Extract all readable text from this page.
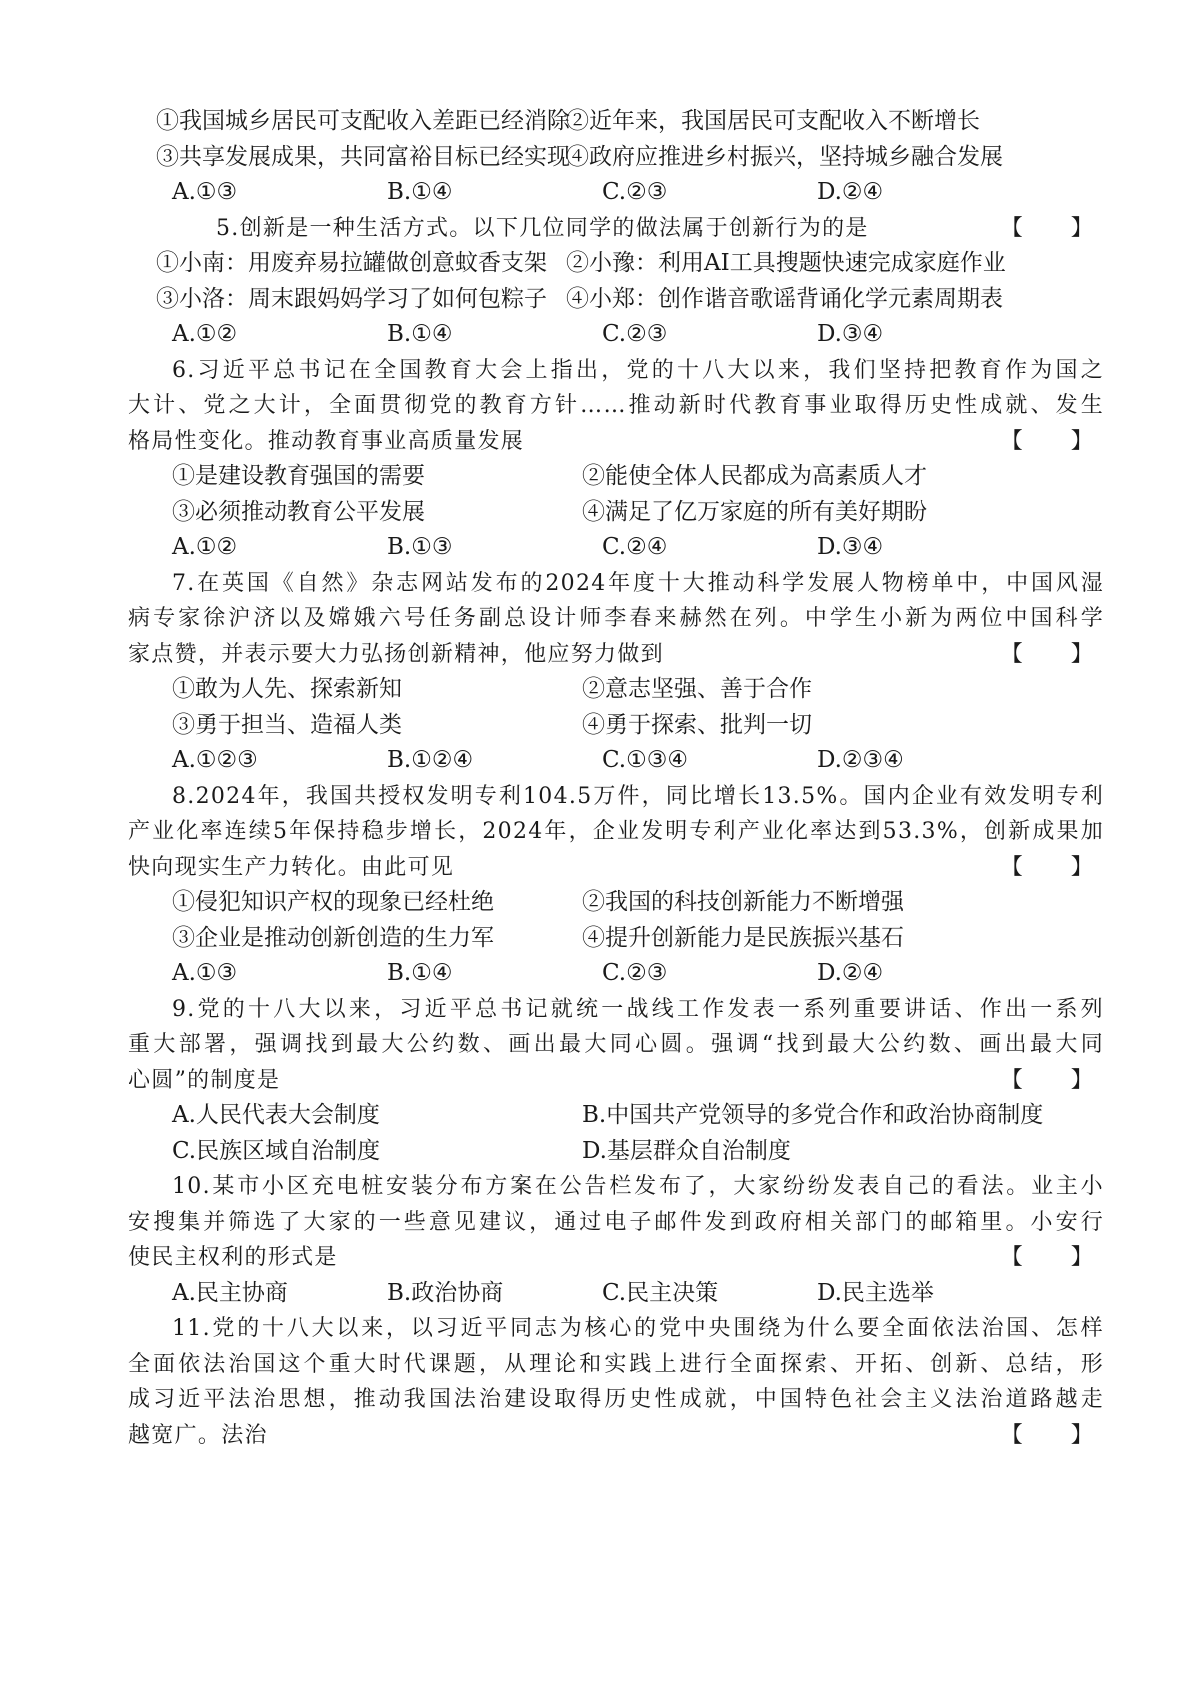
①我国城乡居民可支配收入差距已经消除
②近年来，我国居民可支配收入不断增长
③共享发展成果，共同富裕目标已经实现
④政府应推进乡村振兴，坚持城乡融合发展
A.①③	B.①④	C.②③	D.②④
5.创新是一种生活方式。以下几位同学的做法属于创新行为的是	【　　】
①小南：用废弃易拉罐做创意蚊香支架 ②小豫：利用AI工具搜题快速完成家庭作业
③小洛：周末跟妈妈学习了如何包粽子 ④小郑：创作谐音歌谣背诵化学元素周期表
A.①②	B.①④	C.②③	D.③④
6.习近平总书记在全国教育大会上指出，党的十八大以来，我们坚持把教育作为国之
大计、党之大计，全面贯彻党的教育方针……推动新时代教育事业取得历史性成就、发生
格局性变化。推动教育事业高质量发展	【　　】
①是建设教育强国的需要	②能使全体人民都成为高素质人才
③必须推动教育公平发展	④满足了亿万家庭的所有美好期盼
A.①②	B.①③	C.②④	D.③④
7.在英国《自然》杂志网站发布的2024年度十大推动科学发展人物榜单中，中国风湿
病专家徐沪济以及嫦娥六号任务副总设计师李春来赫然在列。中学生小新为两位中国科学
家点赞，并表示要大力弘扬创新精神，他应努力做到	【　　】
①敢为人先、探索新知	②意志坚强、善于合作
③勇于担当、造福人类	④勇于探索、批判一切
A.①②③	B.①②④	C.①③④	D.②③④
8.2024年，我国共授权发明专利104.5万件，同比增长13.5%。国内企业有效发明专利
产业化率连续5年保持稳步增长，2024年，企业发明专利产业化率达到53.3%，创新成果加
快向现实生产力转化。由此可见	【　　】
①侵犯知识产权的现象已经杜绝	②我国的科技创新能力不断增强
③企业是推动创新创造的生力军	④提升创新能力是民族振兴基石
A.①③	B.①④	C.②③	D.②④
9.党的十八大以来，习近平总书记就统一战线工作发表一系列重要讲话、作出一系列
重大部署，强调找到最大公约数、画出最大同心圆。强调“找到最大公约数、画出最大同
心圆”的制度是	【　　】
A.人民代表大会制度	B.中国共产党领导的多党合作和政治协商制度
C.民族区域自治制度	D.基层群众自治制度
10.某市小区充电桩安装分布方案在公告栏发布了，大家纷纷发表自己的看法。业主小
安搜集并筛选了大家的一些意见建议，通过电子邮件发到政府相关部门的邮箱里。小安行
使民主权利的形式是	【　　】
A.民主协商	B.政治协商	C.民主决策	D.民主选举
11.党的十八大以来，以习近平同志为核心的党中央围绕为什么要全面依法治国、怎样
全面依法治国这个重大时代课题，从理论和实践上进行全面探索、开拓、创新、总结，形
成习近平法治思想，推动我国法治建设取得历史性成就，中国特色社会主义法治道路越走
越宽广。法治	【　　】
